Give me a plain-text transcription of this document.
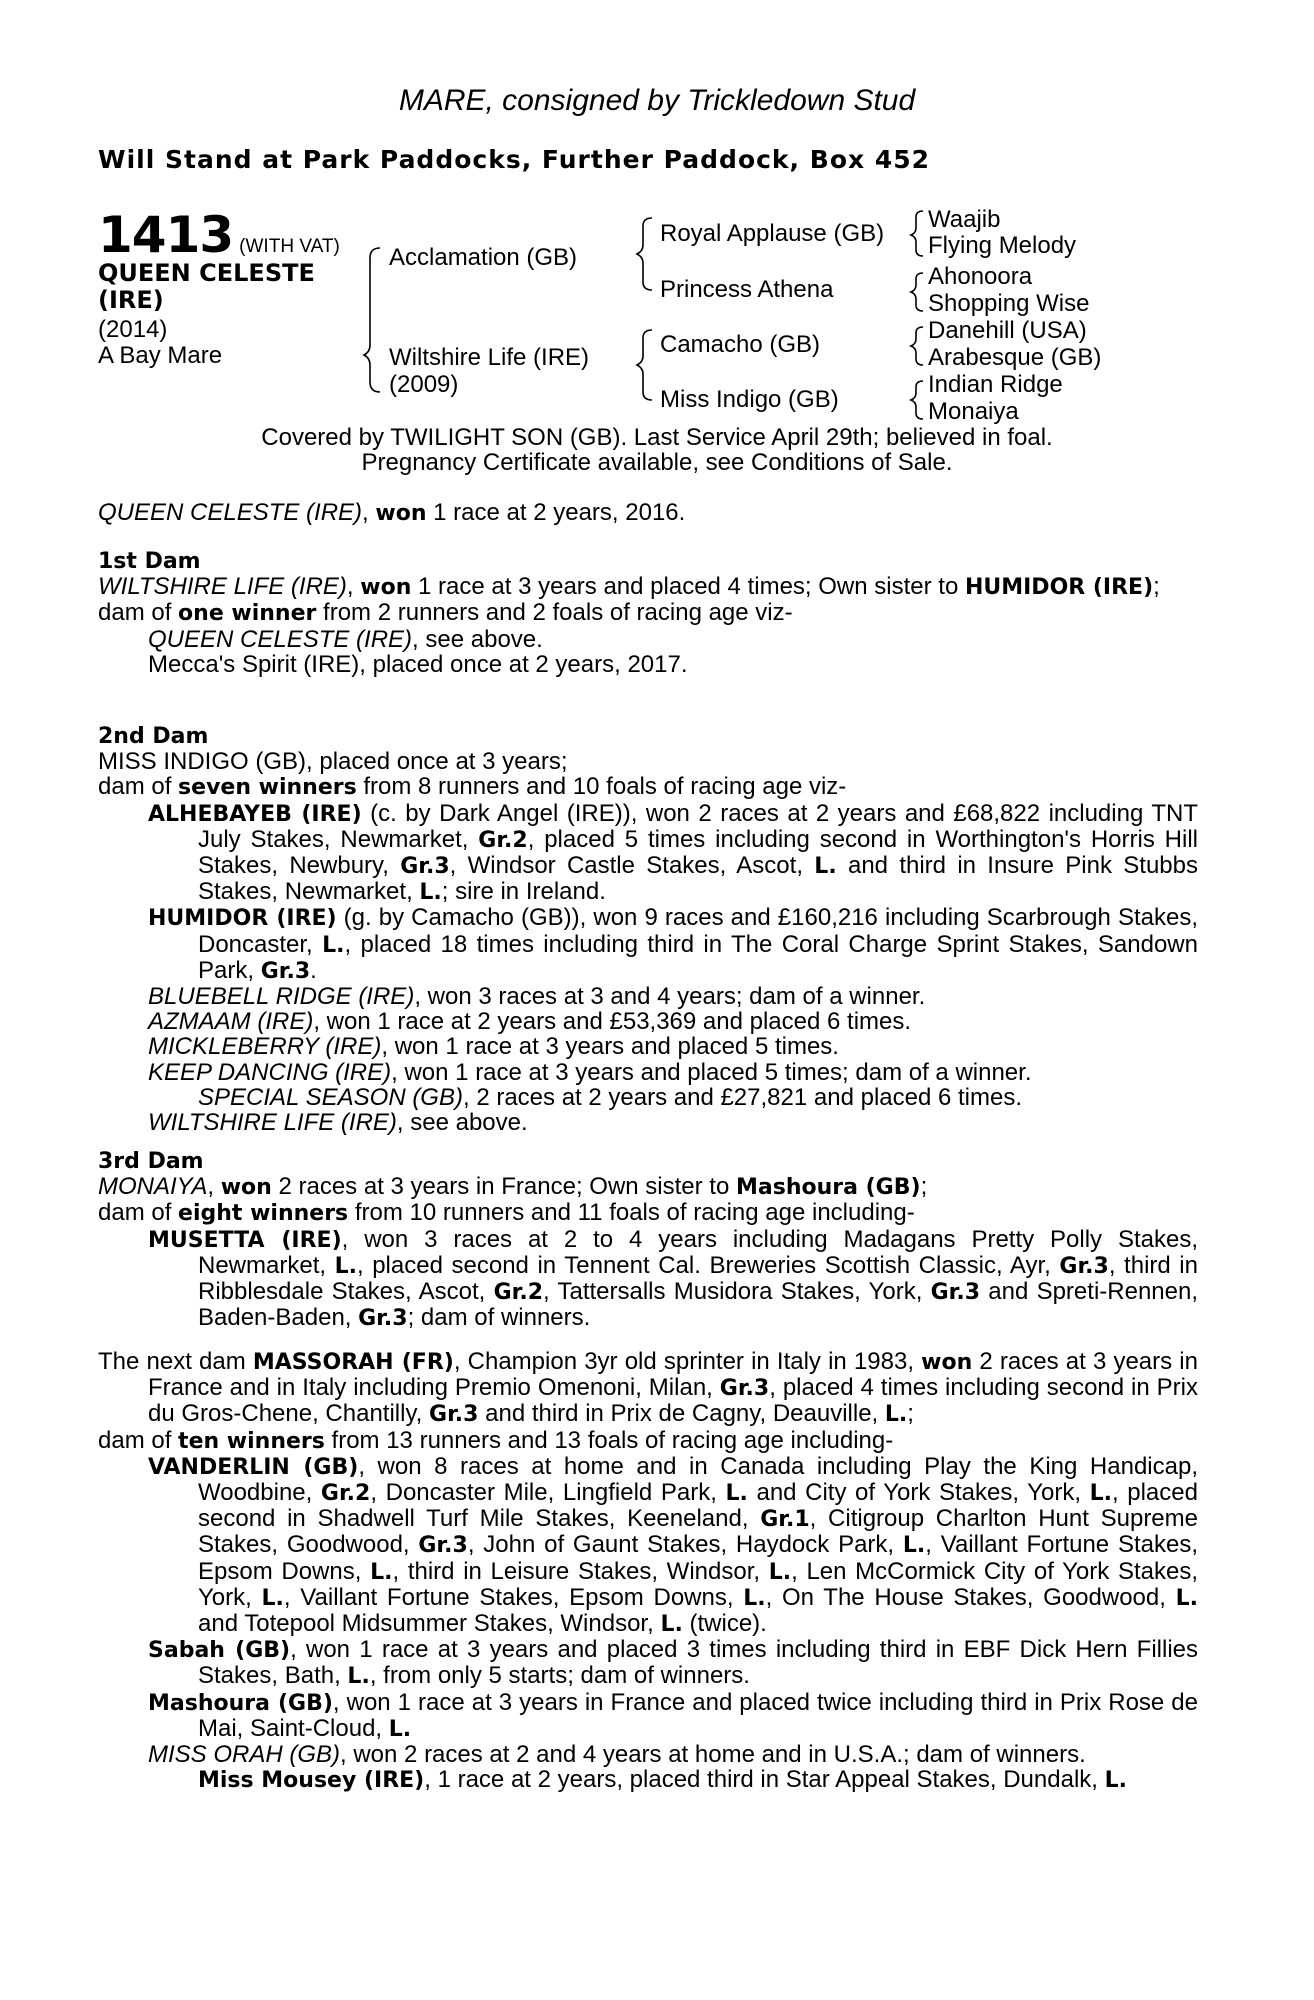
MARE, consigned by Trickledown Stud
Will Stand at Park Paddocks, Further Paddock, Box 452
1413 (WITH VAT)
QUEEN CELESTE
(IRE)
(2014)
A Bay Mare
Acclamation (GB)
Wiltshire Life (IRE)
(2009)
Royal Applause (GB)
Princess Athena
Camacho (GB)
Miss Indigo (GB)
Waajib
Flying Melody
Ahonoora
Shopping Wise
Danehill (USA)
Arabesque (GB)
Indian Ridge
Monaiya
Covered by TWILIGHT SON (GB). Last Service April 29th; believed in foal.
Pregnancy Certificate available, see Conditions of Sale.

QUEEN CELESTE (IRE), won 1 race at 2 years, 2016.

1st Dam

WILTSHIRE LIFE (IRE), won 1 race at 3 years and placed 4 times; Own sister to HUMIDOR (IRE);

dam of one winner from 2 runners and 2 foals of racing age viz-

QUEEN CELESTE (IRE), see above.

Mecca's Spirit (IRE), placed once at 2 years, 2017.

2nd Dam

MISS INDIGO (GB), placed once at 3 years;

dam of seven winners from 8 runners and 10 foals of racing age viz-

ALHEBAYEB (IRE) (c. by Dark Angel (IRE)), won 2 races at 2 years and £68,822 including TNT July Stakes, Newmarket, Gr.2, placed 5 times including second in Worthington's Horris Hill Stakes, Newbury, Gr.3, Windsor Castle Stakes, Ascot, L. and third in Insure Pink Stubbs Stakes, Newmarket, L.; sire in Ireland.

HUMIDOR (IRE) (g. by Camacho (GB)), won 9 races and £160,216 including Scarbrough Stakes, Doncaster, L., placed 18 times including third in The Coral Charge Sprint Stakes, Sandown Park, Gr.3.

BLUEBELL RIDGE (IRE), won 3 races at 3 and 4 years; dam of a winner.

AZMAAM (IRE), won 1 race at 2 years and £53,369 and placed 6 times.

MICKLEBERRY (IRE), won 1 race at 3 years and placed 5 times.

KEEP DANCING (IRE), won 1 race at 3 years and placed 5 times; dam of a winner.

SPECIAL SEASON (GB), 2 races at 2 years and £27,821 and placed 6 times.

WILTSHIRE LIFE (IRE), see above.

3rd Dam

MONAIYA, won 2 races at 3 years in France; Own sister to Mashoura (GB);

dam of eight winners from 10 runners and 11 foals of racing age including-

MUSETTA (IRE), won 3 races at 2 to 4 years including Madagans Pretty Polly Stakes, Newmarket, L., placed second in Tennent Cal. Breweries Scottish Classic, Ayr, Gr.3, third in Ribblesdale Stakes, Ascot, Gr.2, Tattersalls Musidora Stakes, York, Gr.3 and Spreti-Rennen, Baden-Baden, Gr.3; dam of winners.

The next dam MASSORAH (FR), Champion 3yr old sprinter in Italy in 1983, won 2 races at 3 years in France and in Italy including Premio Omenoni, Milan, Gr.3, placed 4 times including second in Prix du Gros-Chene, Chantilly, Gr.3 and third in Prix de Cagny, Deauville, L.;

dam of ten winners from 13 runners and 13 foals of racing age including-

VANDERLIN (GB), won 8 races at home and in Canada including Play the King Handicap, Woodbine, Gr.2, Doncaster Mile, Lingfield Park, L. and City of York Stakes, York, L., placed second in Shadwell Turf Mile Stakes, Keeneland, Gr.1, Citigroup Charlton Hunt Supreme Stakes, Goodwood, Gr.3, John of Gaunt Stakes, Haydock Park, L., Vaillant Fortune Stakes, Epsom Downs, L., third in Leisure Stakes, Windsor, L., Len McCormick City of York Stakes, York, L., Vaillant Fortune Stakes, Epsom Downs, L., On The House Stakes, Goodwood, L. and Totepool Midsummer Stakes, Windsor, L. (twice).

Sabah (GB), won 1 race at 3 years and placed 3 times including third in EBF Dick Hern Fillies Stakes, Bath, L., from only 5 starts; dam of winners.

Mashoura (GB), won 1 race at 3 years in France and placed twice including third in Prix Rose de Mai, Saint-Cloud, L.

MISS ORAH (GB), won 2 races at 2 and 4 years at home and in U.S.A.; dam of winners.

Miss Mousey (IRE), 1 race at 2 years, placed third in Star Appeal Stakes, Dundalk, L.
